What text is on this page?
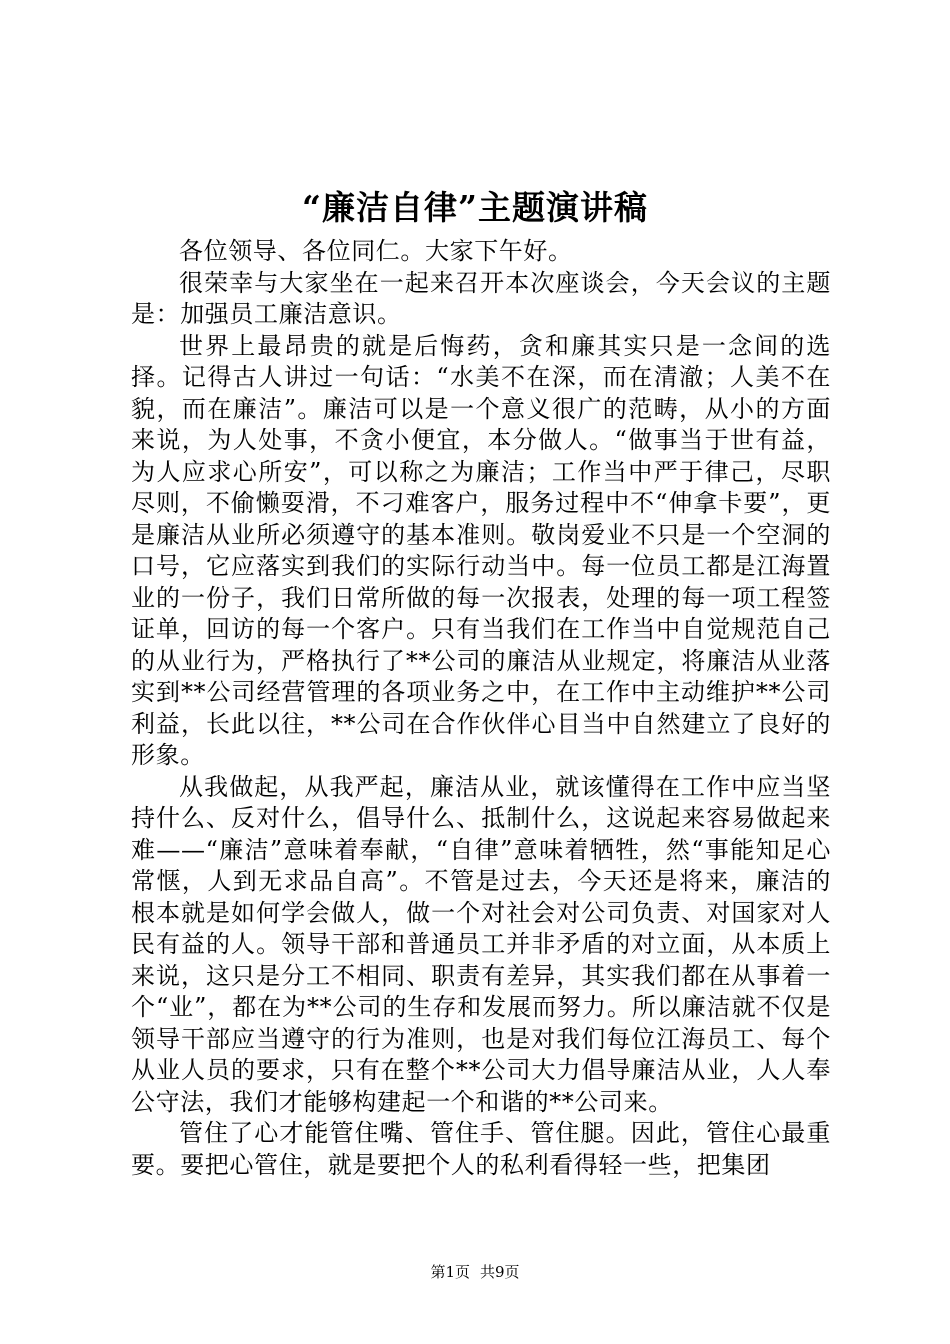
“廉洁自律”主题演讲稿

各位领导、各位同仁。大家下午好。

很荣幸与大家坐在一起来召开本次座谈会，今天会议的主题是：加强员工廉洁意识。

世界上最昂贵的就是后悔药，贪和廉其实只是一念间的选择。记得古人讲过一句话：“水美不在深，而在清澈；人美不在貌，而在廉洁”。廉洁可以是一个意义很广的范畴，从小的方面来说，为人处事，不贪小便宜，本分做人。“做事当于世有益，为人应求心所安”，可以称之为廉洁；工作当中严于律己，尽职尽则，不偷懒耍滑，不刁难客户，服务过程中不“伸拿卡要”，更是廉洁从业所必须遵守的基本准则。敬岗爱业不只是一个空洞的口号，它应落实到我们的实际行动当中。每一位员工都是江海置业的一份子，我们日常所做的每一次报表，处理的每一项工程签证单，回访的每一个客户。只有当我们在工作当中自觉规范自己的从业行为，严格执行了**公司的廉洁从业规定，将廉洁从业落实到**公司经营管理的各项业务之中，在工作中主动维护**公司利益，长此以往，**公司在合作伙伴心目当中自然建立了良好的形象。

从我做起，从我严起，廉洁从业，就该懂得在工作中应当坚持什么、反对什么，倡导什么、抵制什么，这说起来容易做起来难——“廉洁”意味着奉献，“自律”意味着牺牲，然“事能知足心常惬，人到无求品自高”。不管是过去，今天还是将来，廉洁的根本就是如何学会做人，做一个对社会对公司负责、对国家对人民有益的人。领导干部和普通员工并非矛盾的对立面，从本质上来说，这只是分工不相同、职责有差异，其实我们都在从事着一个“业”，都在为**公司的生存和发展而努力。所以廉洁就不仅是领导干部应当遵守的行为准则，也是对我们每位江海员工、每个从业人员的要求，只有在整个**公司大力倡导廉洁从业，人人奉公守法，我们才能够构建起一个和谐的**公司来。

管住了心才能管住嘴、管住手、管住腿。因此，管住心最重要。要把心管住，就是要把个人的私利看得轻一些，把集团

第1页 共9页
